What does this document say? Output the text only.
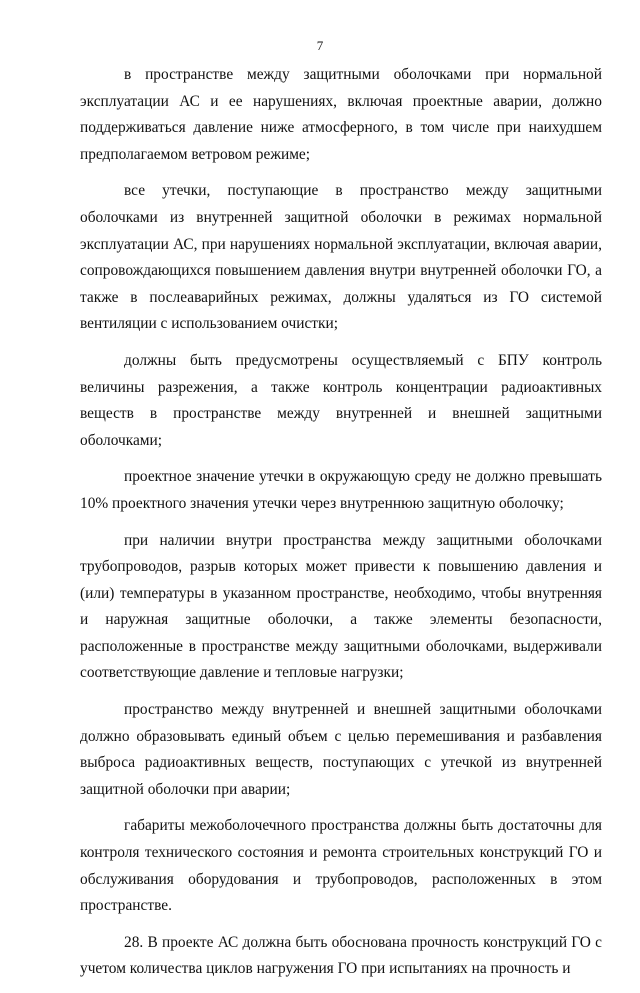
7

в пространстве между защитными оболочками при нормальной эксплуатации АС и ее нарушениях, включая проектные аварии, должно поддерживаться давление ниже атмосферного, в том числе при наихудшем предполагаемом ветровом режиме;

все утечки, поступающие в пространство между защитными оболочками из внутренней защитной оболочки в режимах нормальной эксплуатации АС, при нарушениях нормальной эксплуатации, включая аварии, сопровождающихся повышением давления внутри внутренней оболочки ГО, а также в послеаварийных режимах, должны удаляться из ГО системой вентиляции с использованием очистки;

должны быть предусмотрены осуществляемый с БПУ контроль величины разрежения, а также контроль концентрации радиоактивных веществ в пространстве между внутренней и внешней защитными оболочками;

проектное значение утечки в окружающую среду не должно превышать 10% проектного значения утечки через внутреннюю защитную оболочку;

при наличии внутри пространства между защитными оболочками трубопроводов, разрыв которых может привести к повышению давления и (или) температуры в указанном пространстве, необходимо, чтобы внутренняя и наружная защитные оболочки, а также элементы безопасности, расположенные в пространстве между защитными оболочками, выдерживали соответствующие давление и тепловые нагрузки;

пространство между внутренней и внешней защитными оболочками должно образовывать единый объем с целью перемешивания и разбавления выброса радиоактивных веществ, поступающих с утечкой из внутренней защитной оболочки при аварии;

габариты межоболочечного пространства должны быть достаточны для контроля технического состояния и ремонта строительных конструкций ГО и обслуживания оборудования и трубопроводов, расположенных в этом пространстве.

28. В проекте АС должна быть обоснована прочность конструкций ГО с учетом количества циклов нагружения ГО при испытаниях на прочность и
